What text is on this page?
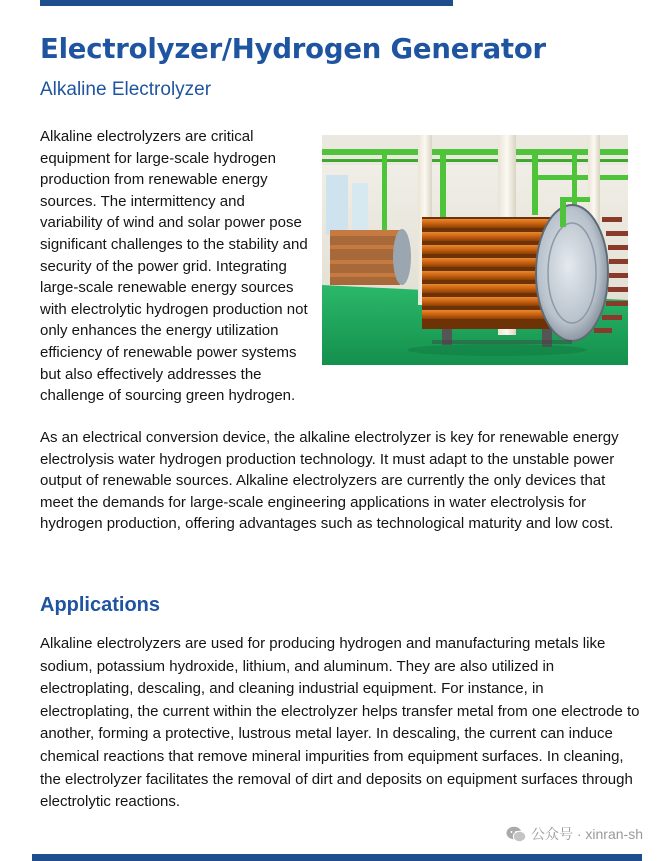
Electrolyzer/Hydrogen Generator
Alkaline Electrolyzer
Alkaline electrolyzers are critical equipment for large-scale hydrogen production from renewable energy sources. The intermittency and variability of wind and solar power pose significant challenges to the stability and security of the power grid. Integrating large-scale renewable energy sources with electrolytic hydrogen production not only enhances the energy utilization efficiency of renewable power systems but also effectively addresses the challenge of sourcing green hydrogen.

As an electrical conversion device, the alkaline electrolyzer is key for renewable energy electrolysis water hydrogen production technology. It must adapt to the unstable power output of renewable sources. Alkaline electrolyzers are currently the only devices that meet the demands for large-scale engineering applications in water electrolysis for hydrogen production, offering advantages such as technological maturity and low cost.

Applications

Alkaline electrolyzers are used for producing hydrogen and manufacturing metals like sodium, potassium hydroxide, lithium, and aluminum. They are also utilized in electroplating, descaling, and cleaning industrial equipment. For instance, in electroplating, the current within the electrolyzer helps transfer metal from one electrode to another, forming a protective, lustrous metal layer. In descaling, the current can induce chemical reactions that remove mineral impurities from equipment surfaces. In cleaning, the electrolyzer facilitates the removal of dirt and deposits on equipment surfaces through electrolytic reactions.

公众号 · xinran-sh
